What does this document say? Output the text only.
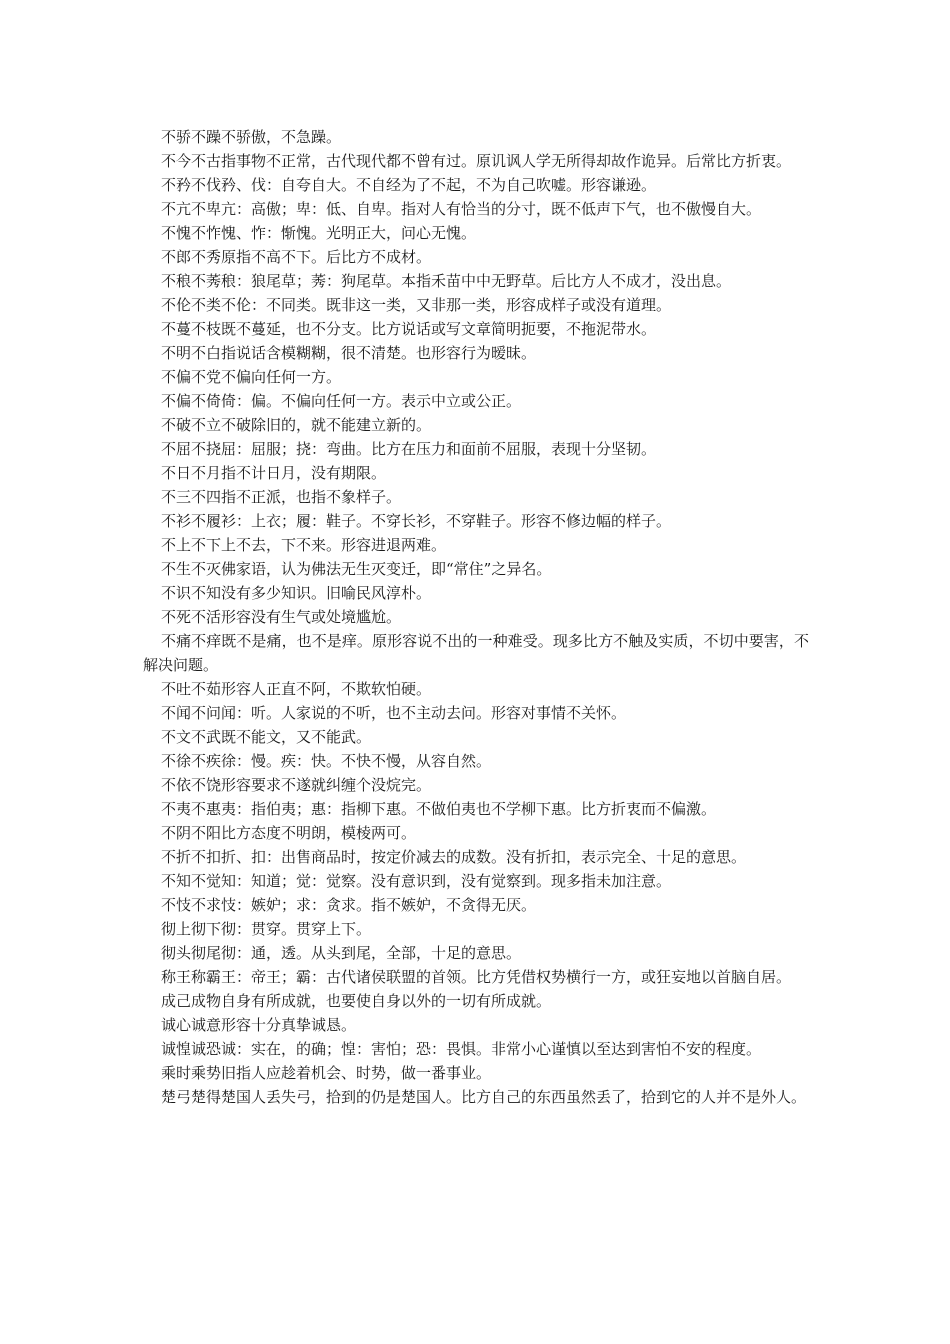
不骄不躁不骄傲，不急躁。

不今不古指事物不正常，古代现代都不曾有过。原讥讽人学无所得却故作诡异。后常比方折衷。

不矜不伐矜、伐：自夸自大。不自经为了不起，不为自己吹嘘。形容谦逊。

不亢不卑亢：高傲；卑：低、自卑。指对人有恰当的分寸，既不低声下气，也不傲慢自大。

不愧不怍愧、怍：惭愧。光明正大，问心无愧。

不郎不秀原指不高不下。后比方不成材。

不稂不莠稂：狼尾草；莠：狗尾草。本指禾苗中中无野草。后比方人不成才，没出息。

不伦不类不伦：不同类。既非这一类，又非那一类，形容成样子或没有道理。

不蔓不枝既不蔓延，也不分支。比方说话或写文章简明扼要，不拖泥带水。

不明不白指说话含模糊糊，很不清楚。也形容行为暧昧。

不偏不党不偏向任何一方。

不偏不倚倚：偏。不偏向任何一方。表示中立或公正。

不破不立不破除旧的，就不能建立新的。

不屈不挠屈：屈服；挠：弯曲。比方在压力和面前不屈服，表现十分坚韧。

不日不月指不计日月，没有期限。

不三不四指不正派，也指不象样子。

不衫不履衫：上衣；履：鞋子。不穿长衫，不穿鞋子。形容不修边幅的样子。

不上不下上不去，下不来。形容进退两难。

不生不灭佛家语，认为佛法无生灭变迁，即“常住”之异名。

不识不知没有多少知识。旧喻民风淳朴。

不死不活形容没有生气或处境尴尬。

不痛不痒既不是痛，也不是痒。原形容说不出的一种难受。现多比方不触及实质，不切中要害，不解决问题。

不吐不茹形容人正直不阿，不欺软怕硬。

不闻不问闻：听。人家说的不听，也不主动去问。形容对事情不关怀。

不文不武既不能文，又不能武。

不徐不疾徐：慢。疾：快。不快不慢，从容自然。

不依不饶形容要求不遂就纠缠个没烷完。

不夷不惠夷：指伯夷；惠：指柳下惠。不做伯夷也不学柳下惠。比方折衷而不偏激。

不阴不阳比方态度不明朗，模棱两可。

不折不扣折、扣：出售商品时，按定价减去的成数。没有折扣，表示完全、十足的意思。

不知不觉知：知道；觉：觉察。没有意识到，没有觉察到。现多指未加注意。

不忮不求忮：嫉妒；求：贪求。指不嫉妒，不贪得无厌。

彻上彻下彻：贯穿。贯穿上下。

彻头彻尾彻：通，透。从头到尾，全部，十足的意思。

称王称霸王：帝王；霸：古代诸侯联盟的首领。比方凭借权势横行一方，或狂妄地以首脑自居。

成己成物自身有所成就，也要使自身以外的一切有所成就。

诚心诚意形容十分真挚诚恳。

诚惶诚恐诚：实在，的确；惶：害怕；恐：畏惧。非常小心谨慎以至达到害怕不安的程度。

乘时乘势旧指人应趁着机会、时势，做一番事业。

楚弓楚得楚国人丢失弓，拾到的仍是楚国人。比方自己的东西虽然丢了，拾到它的人并不是外人。
